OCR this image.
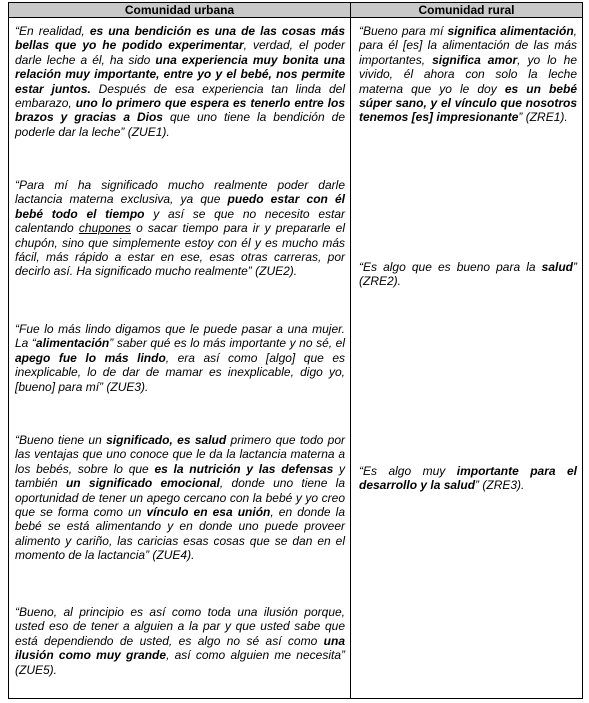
Comunidad urbana	Comunidad rural
“En realidad, es una bendición es una de las cosas más bellas que yo he podido experimentar, verdad, el poder darle leche a él, ha sido una experiencia muy bonita una relación muy importante, entre yo y el bebé, nos permite estar juntos. Después de esa experiencia tan linda del embarazo, uno lo primero que espera es tenerlo entre los brazos y gracias a Dios que uno tiene la bendición de poderle dar la leche” (ZUE1).
“Para mí ha significado mucho realmente poder darle lactancia materna exclusiva, ya que puedo estar con él bebé todo el tiempo y así se que no necesito estar calentando chupones o sacar tiempo para ir y prepararle el chupón, sino que simplemente estoy con él y es mucho más fácil, más rápido a estar en ese, esas otras carreras, por decirlo así. Ha significado mucho realmente” (ZUE2).
“Fue lo más lindo digamos que le puede pasar a una mujer. La “alimentación” saber qué es lo más importante y no sé, el apego fue lo más lindo, era así como [algo] que es inexplicable, lo de dar de mamar es inexplicable, digo yo, [bueno] para mí” (ZUE3).
“Bueno tiene un significado, es salud primero que todo por las ventajas que uno conoce que le da la lactancia materna a los bebés, sobre lo que es la nutrición y las defensas y también un significado emocional, donde uno tiene la oportunidad de tener un apego cercano con la bebé y yo creo que se forma como un vínculo en esa unión, en donde la bebé se está alimentando y en donde uno puede proveer alimento y cariño, las caricias esas cosas que se dan en el momento de la lactancia” (ZUE4).
“Bueno, al principio es así como toda una ilusión porque, usted eso de tener a alguien a la par y que usted sabe que está dependiendo de usted, es algo no sé así como una ilusión como muy grande, así como alguien me necesita” (ZUE5).
“Bueno para mí significa alimentación, para él [es] la alimentación de las más importantes, significa amor, yo lo he vivido, él ahora con solo la leche materna que yo le doy es un bebé súper sano, y el vínculo que nosotros tenemos [es] impresionante” (ZRE1).
“Es algo que es bueno para la salud” (ZRE2).
“Es algo muy importante para el desarrollo y la salud” (ZRE3).
